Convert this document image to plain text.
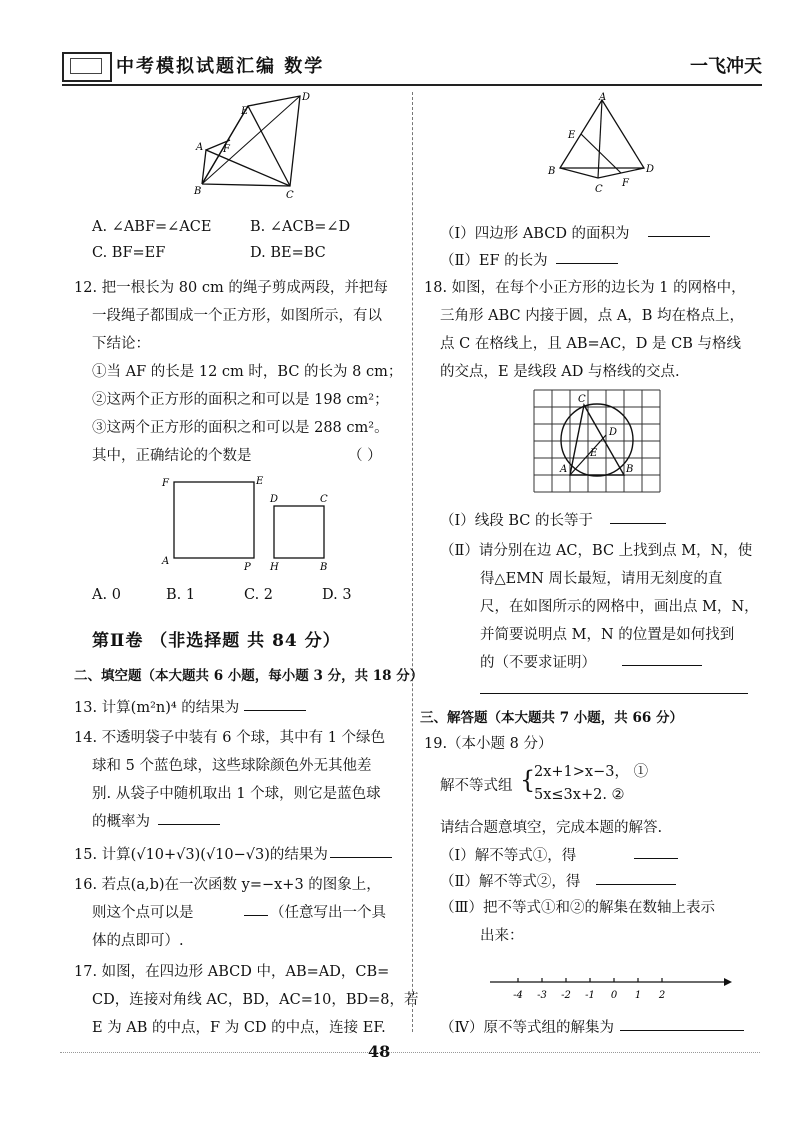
中考模拟试题汇编 数学	一飞冲天
D
E
A F
B	C
A. ∠ABF=∠ACE	B. ∠ACB=∠D
C. BF=EF	D. BE=BC
12. 把一根长为 80 cm 的绳子剪成两段，并把每
一段绳子都围成一个正方形，如图所示，有以
下结论：
①当 AF 的长是 12 cm 时，BC 的长为 8 cm；
②这两个正方形的面积之和可以是 198 cm²；
③这两个正方形的面积之和可以是 288 cm²。
其中，正确结论的个数是	（ ）
F	E
A
P
D	C
H	B
A. 0	B. 1	C. 2	D. 3
第Ⅱ卷 （非选择题 共 84 分）
二、填空题（本大题共 6 小题，每小题 3 分，共 18 分）
13. 计算(m²n)⁴ 的结果为
14. 不透明袋子中装有 6 个球，其中有 1 个绿色
球和 5 个蓝色球，这些球除颜色外无其他差
别. 从袋子中随机取出 1 个球，则它是蓝色球
的概率为
15. 计算(√10+√3)(√10−√3)的结果为
16. 若点(a,b)在一次函数 y=−x+3 的图象上，
则这个点可以是	（任意写出一个具
体的点即可）.
17. 如图，在四边形 ABCD 中，AB=AD，CB=
CD，连接对角线 AC，BD，AC=10，BD=8，若
E 为 AB 的中点，F 为 CD 的中点，连接 EF.
A
E
B	D
F
C
（Ⅰ）四边形 ABCD 的面积为
（Ⅱ）EF 的长为
18. 如图，在每个小正方形的边长为 1 的网格中，
三角形 ABC 内接于圆，点 A，B 均在格点上，
点 C 在格线上，且 AB=AC，D 是 CB 与格线
的交点，E 是线段 AD 与格线的交点.
C
D
E
A	B
（Ⅰ）线段 BC 的长等于
（Ⅱ）请分别在边 AC，BC 上找到点 M，N，使
得△EMN 周长最短，请用无刻度的直
尺，在如图所示的网格中，画出点 M，N，
并简要说明点 M，N 的位置是如何找到
的（不要求证明）
三、解答题（本大题共 7 小题，共 66 分）
19.（本小题 8 分）
解不等式组 {
2x+1>x−3， ①
5x≤3x+2. ②
请结合题意填空，完成本题的解答.
（Ⅰ）解不等式①，得
（Ⅱ）解不等式②，得
（Ⅲ）把不等式①和②的解集在数轴上表示
出来：
-4 -3 -2 -1 0 1 2
（Ⅳ）原不等式组的解集为
48
